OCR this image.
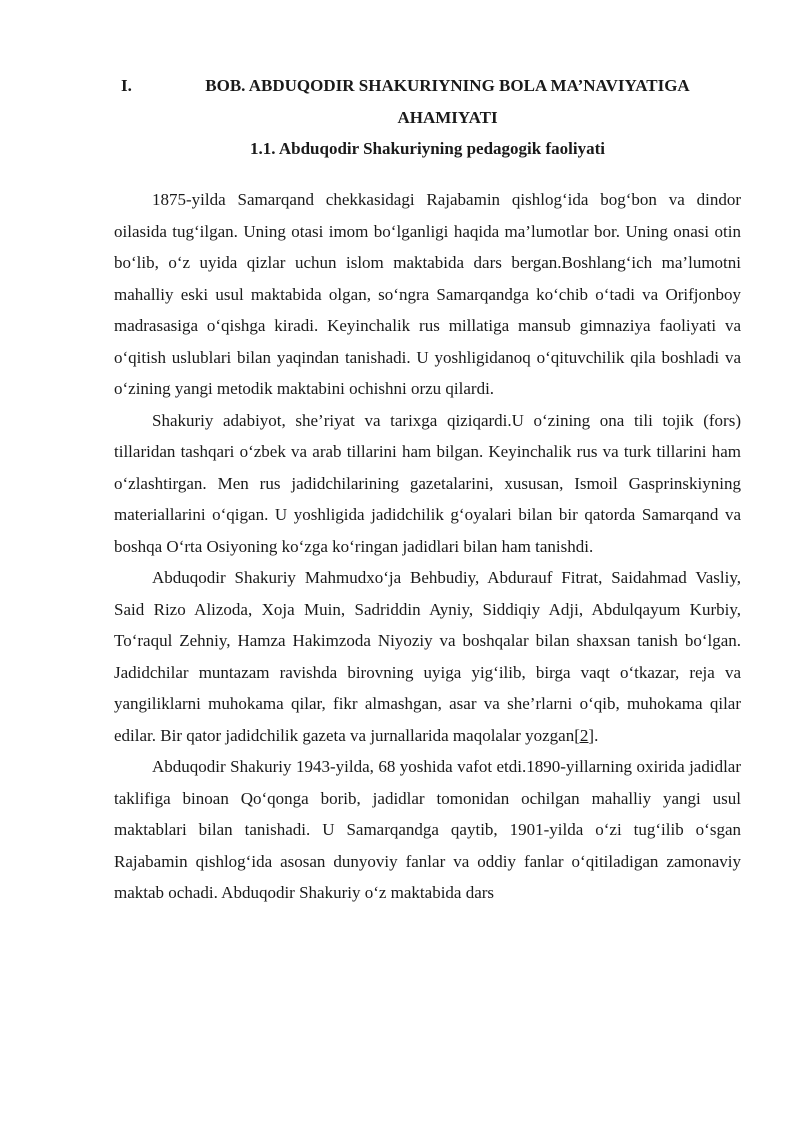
I.	BOB. ABDUQODIR SHAKURIYNING BOLA MA’NAVIYATIGA AHAMIYATI
1.1. Abduqodir Shakuriyning pedagogik faoliyati

1875-yilda Samarqand chekkasidagi Rajabamin qishlog‘ida bog‘bon va dindor oilasida tug‘ilgan. Uning otasi imom bo‘lganligi haqida ma’lumotlar bor. Uning onasi otin bo‘lib, o‘z uyida qizlar uchun islom maktabida dars bergan.Boshlang‘ich ma’lumotni mahalliy eski usul maktabida olgan, so‘ngra Samarqandga ko‘chib o‘tadi va Orifjonboy madrasasiga o‘qishga kiradi. Keyinchalik rus millatiga mansub gimnaziya faoliyati va o‘qitish uslublari bilan yaqindan tanishadi. U yoshligidanoq o‘qituvchilik qila boshladi va o‘zining yangi metodik maktabini ochishni orzu qilardi.

Shakuriy adabiyot, she’riyat va tarixga qiziqardi.U o‘zining ona tili tojik (fors) tillaridan tashqari o‘zbek va arab tillarini ham bilgan. Keyinchalik rus va turk tillarini ham o‘zlashtirgan. Men rus jadidchilarining gazetalarini, xususan, Ismoil Gasprinskiyning materiallarini o‘qigan. U yoshligida jadidchilik g‘oyalari bilan bir qatorda Samarqand va boshqa O‘rta Osiyoning ko‘zga ko‘ringan jadidlari bilan ham tanishdi.

Abduqodir Shakuriy Mahmudxo‘ja Behbudiy, Abdurauf Fitrat, Saidahmad Vasliy, Said Rizo Alizoda, Xoja Muin, Sadriddin Ayniy, Siddiqiy Adji, Abdulqayum Kurbiy, To‘raqul Zehniy, Hamza Hakimzoda Niyoziy va boshqalar bilan shaxsan tanish bo‘lgan. Jadidchilar muntazam ravishda birovning uyiga yig‘ilib, birga vaqt o‘tkazar, reja va yangiliklarni muhokama qilar, fikr almashgan, asar va she’rlarni o‘qib, muhokama qilar edilar. Bir qator jadidchilik gazeta va jurnallarida maqolalar yozgan[2].

Abduqodir Shakuriy 1943-yilda, 68 yoshida vafot etdi.1890-yillarning oxirida jadidlar taklifiga binoan Qo‘qonga borib, jadidlar tomonidan ochilgan mahalliy yangi usul maktablari bilan tanishadi. U Samarqandga qaytib, 1901-yilda o‘zi tug‘ilib o‘sgan Rajabamin qishlog‘ida asosan dunyoviy fanlar va oddiy fanlar o‘qitiladigan zamonaviy maktab ochadi. Abduqodir Shakuriy o‘z maktabida dars
